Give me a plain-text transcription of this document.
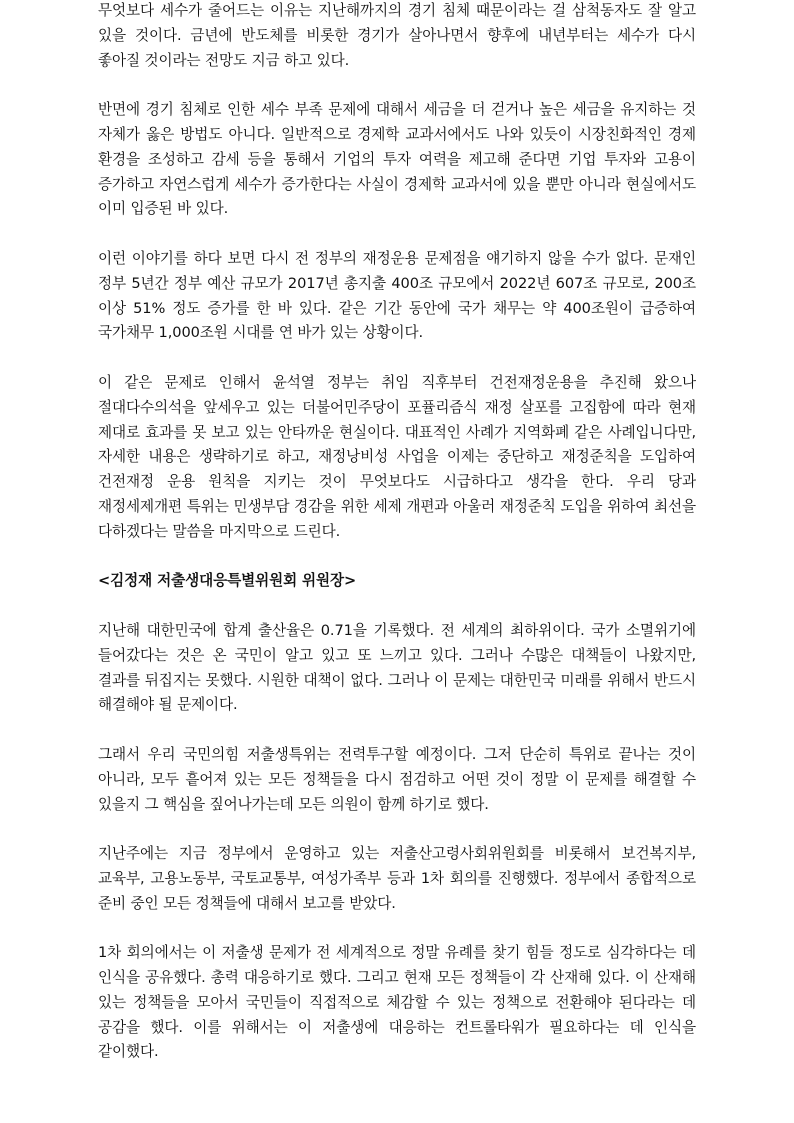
무엇보다 세수가 줄어드는 이유는 지난해까지의 경기 침체 때문이라는 걸 삼척동자도 잘 알고 있을 것이다. 금년에 반도체를 비롯한 경기가 살아나면서 향후에 내년부터는 세수가 다시 좋아질 것이라는 전망도 지금 하고 있다.

반면에 경기 침체로 인한 세수 부족 문제에 대해서 세금을 더 걷거나 높은 세금을 유지하는 것 자체가 옳은 방법도 아니다. 일반적으로 경제학 교과서에서도 나와 있듯이 시장친화적인 경제 환경을 조성하고 감세 등을 통해서 기업의 투자 여력을 제고해 준다면 기업 투자와 고용이 증가하고 자연스럽게 세수가 증가한다는 사실이 경제학 교과서에 있을 뿐만 아니라 현실에서도 이미 입증된 바 있다.

이런 이야기를 하다 보면 다시 전 정부의 재정운용 문제점을 얘기하지 않을 수가 없다. 문재인 정부 5년간 정부 예산 규모가 2017년 총지출 400조 규모에서 2022년 607조 규모로, 200조 이상 51% 정도 증가를 한 바 있다. 같은 기간 동안에 국가 채무는 약 400조원이 급증하여 국가채무 1,000조원 시대를 연 바가 있는 상황이다.

이 같은 문제로 인해서 윤석열 정부는 취임 직후부터 건전재정운용을 추진해 왔으나 절대다수의석을 앞세우고 있는 더불어민주당이 포퓰리즘식 재정 살포를 고집함에 따라 현재 제대로 효과를 못 보고 있는 안타까운 현실이다. 대표적인 사례가 지역화폐 같은 사례입니다만, 자세한 내용은 생략하기로 하고, 재정낭비성 사업을 이제는 중단하고 재정준칙을 도입하여 건전재정 운용 원칙을 지키는 것이 무엇보다도 시급하다고 생각을 한다. 우리 당과 재정세제개편 특위는 민생부담 경감을 위한 세제 개편과 아울러 재정준칙 도입을 위하여 최선을 다하겠다는 말씀을 마지막으로 드린다.

<김정재 저출생대응특별위원회 위원장>

지난해 대한민국에 합계 출산율은 0.71을 기록했다. 전 세계의 최하위이다. 국가 소멸위기에 들어갔다는 것은 온 국민이 알고 있고 또 느끼고 있다. 그러나 수많은 대책들이 나왔지만, 결과를 뒤집지는 못했다. 시원한 대책이 없다. 그러나 이 문제는 대한민국 미래를 위해서 반드시 해결해야 될 문제이다.

그래서 우리 국민의힘 저출생특위는 전력투구할 예정이다. 그저 단순히 특위로 끝나는 것이 아니라, 모두 흩어져 있는 모든 정책들을 다시 점검하고 어떤 것이 정말 이 문제를 해결할 수 있을지 그 핵심을 짚어나가는데 모든 의원이 함께 하기로 했다.

지난주에는 지금 정부에서 운영하고 있는 저출산고령사회위원회를 비롯해서 보건복지부, 교육부, 고용노동부, 국토교통부, 여성가족부 등과 1차 회의를 진행했다. 정부에서 종합적으로 준비 중인 모든 정책들에 대해서 보고를 받았다.

1차 회의에서는 이 저출생 문제가 전 세계적으로 정말 유례를 찾기 힘들 정도로 심각하다는 데 인식을 공유했다. 총력 대응하기로 했다. 그리고 현재 모든 정책들이 각 산재해 있다. 이 산재해 있는 정책들을 모아서 국민들이 직접적으로 체감할 수 있는 정책으로 전환해야 된다라는 데 공감을 했다. 이를 위해서는 이 저출생에 대응하는 컨트롤타워가 필요하다는 데 인식을 같이했다.
